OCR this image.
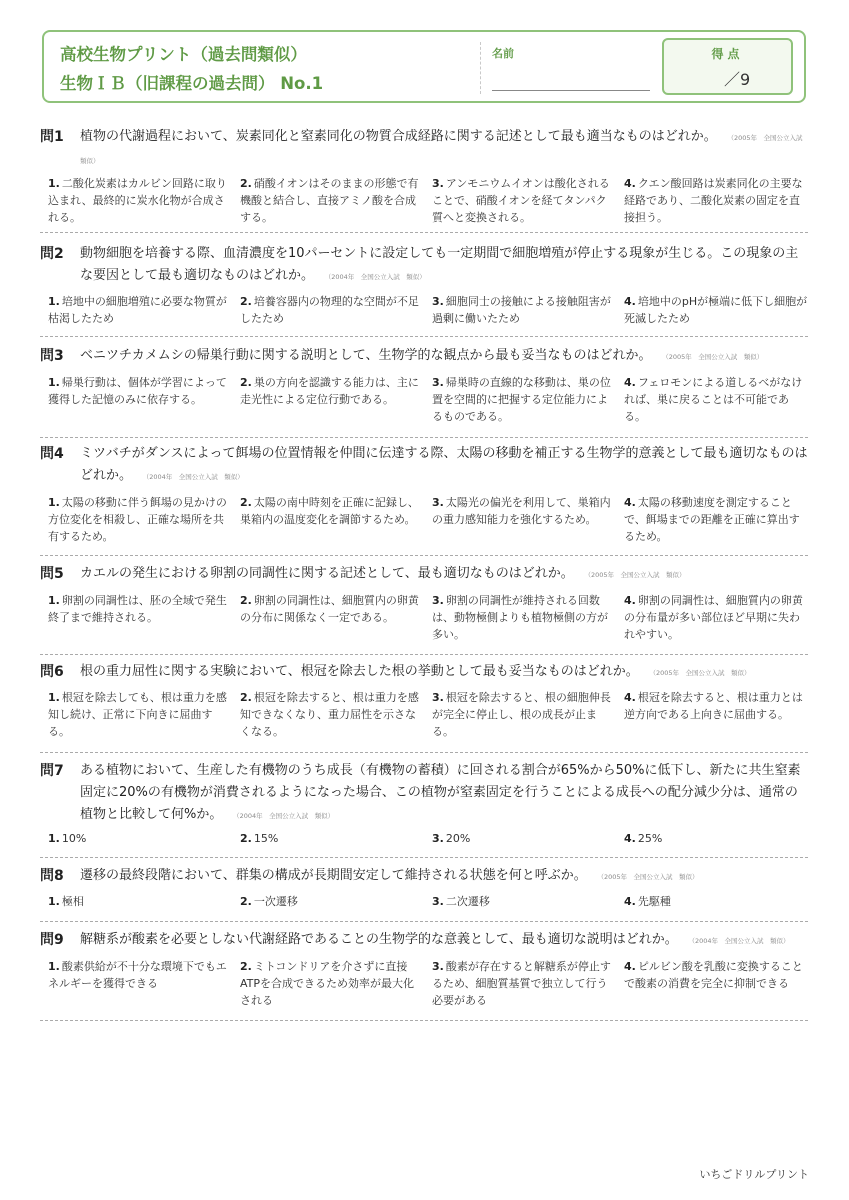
高校生物プリント（過去問類似）
生物ＩＢ（旧課程の過去問） No.1
名前	得点
／9
問1 植物の代謝過程において、炭素同化と窒素同化の物質合成経路に関する記述として最も適当なものはどれか。 （2005年　全国公立入試　類似）
1. 二酸化炭素はカルビン回路に取り込まれ、最終的に炭水化物が合成される。
2. 硝酸イオンはそのままの形態で有機酸と結合し、直接アミノ酸を合成する。
3. アンモニウムイオンは酸化されることで、硝酸イオンを経てタンパク質へと変換される。
4. クエン酸回路は炭素同化の主要な経路であり、二酸化炭素の固定を直接担う。
問2 動物細胞を培養する際、血清濃度を10パーセントに設定しても一定期間で細胞増殖が停止する現象が生じる。この現象の主な要因として最も適切なものはどれか。 （2004年　全国公立入試　類似）
1. 培地中の細胞増殖に必要な物質が枯渇したため
2. 培養容器内の物理的な空間が不足したため
3. 細胞同士の接触による接触阻害が過剰に働いたため
4. 培地中のpHが極端に低下し細胞が死滅したため
問3 ベニツチカメムシの帰巣行動に関する説明として、生物学的な観点から最も妥当なものはどれか。 （2005年　全国公立入試　類似）
1. 帰巣行動は、個体が学習によって獲得した記憶のみに依存する。
2. 巣の方向を認識する能力は、主に走光性による定位行動である。
3. 帰巣時の直線的な移動は、巣の位置を空間的に把握する定位能力によるものである。
4. フェロモンによる道しるべがなければ、巣に戻ることは不可能である。
問4 ミツバチがダンスによって餌場の位置情報を仲間に伝達する際、太陽の移動を補正する生物学的意義として最も適切なものはどれか。 （2004年　全国公立入試　類似）
1. 太陽の移動に伴う餌場の見かけの方位変化を相殺し、正確な場所を共有するため。
2. 太陽の南中時刻を正確に記録し、巣箱内の温度変化を調節するため。
3. 太陽光の偏光を利用して、巣箱内の重力感知能力を強化するため。
4. 太陽の移動速度を測定することで、餌場までの距離を正確に算出するため。
問5 カエルの発生における卵割の同調性に関する記述として、最も適切なものはどれか。 （2005年　全国公立入試　類似）
1. 卵割の同調性は、胚の全域で発生終了まで維持される。
2. 卵割の同調性は、細胞質内の卵黄の分布に関係なく一定である。
3. 卵割の同調性が維持される回数は、動物極側よりも植物極側の方が多い。
4. 卵割の同調性は、細胞質内の卵黄の分布量が多い部位ほど早期に失われやすい。
問6 根の重力屈性に関する実験において、根冠を除去した根の挙動として最も妥当なものはどれか。 （2005年　全国公立入試　類似）
1. 根冠を除去しても、根は重力を感知し続け、正常に下向きに屈曲する。
2. 根冠を除去すると、根は重力を感知できなくなり、重力屈性を示さなくなる。
3. 根冠を除去すると、根の細胞伸長が完全に停止し、根の成長が止まる。
4. 根冠を除去すると、根は重力とは逆方向である上向きに屈曲する。
問7 ある植物において、生産した有機物のうち成長（有機物の蓄積）に回される割合が65%から50%に低下し、新たに共生窒素固定に20%の有機物が消費されるようになった場合、この植物が窒素固定を行うことによる成長への配分減少分は、通常の植物と比較して何%か。 （2004年　全国公立入試　類似）
1. 10%	2. 15%	3. 20%	4. 25%
問8 遷移の最終段階において、群集の構成が長期間安定して維持される状態を何と呼ぶか。 （2005年　全国公立入試　類似）
1. 極相	2. 一次遷移	3. 二次遷移	4. 先駆種
問9 解糖系が酸素を必要としない代謝経路であることの生物学的な意義として、最も適切な説明はどれか。 （2004年　全国公立入試　類似）
1. 酸素供給が不十分な環境下でもエネルギーを獲得できる
2. ミトコンドリアを介さずに直接ATPを合成できるため効率が最大化される
3. 酸素が存在すると解糖系が停止するため、細胞質基質で独立して行う必要がある
4. ピルビン酸を乳酸に変換することで酸素の消費を完全に抑制できる
いちごドリルプリント
